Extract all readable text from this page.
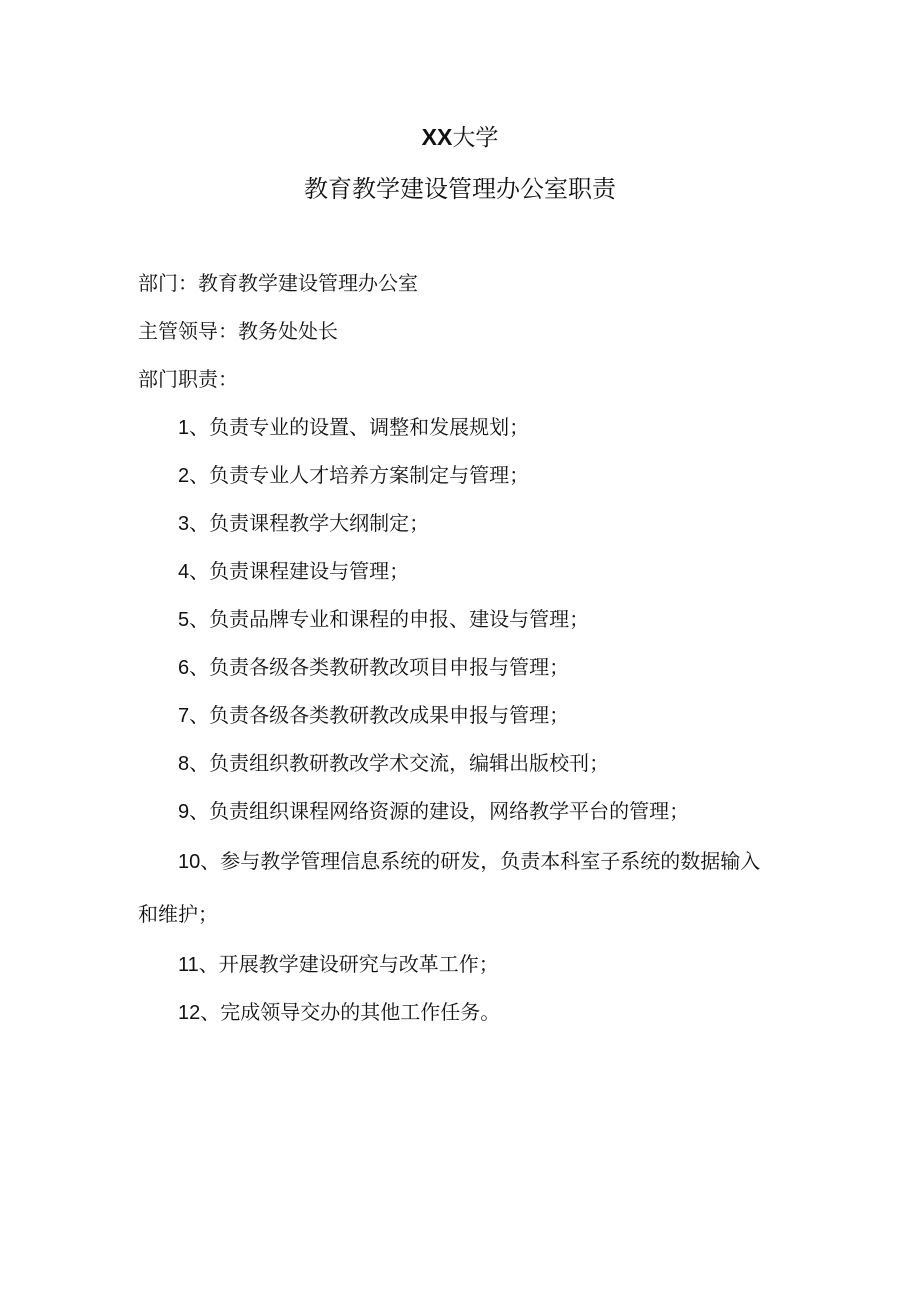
XX大学
教育教学建设管理办公室职责
部门：教育教学建设管理办公室
主管领导：教务处处长
部门职责：
1、负责专业的设置、调整和发展规划；
2、负责专业人才培养方案制定与管理；
3、负责课程教学大纲制定；
4、负责课程建设与管理；
5、负责品牌专业和课程的申报、建设与管理；
6、负责各级各类教研教改项目申报与管理；
7、负责各级各类教研教改成果申报与管理；
8、负责组织教研教改学术交流，编辑出版校刊；
9、负责组织课程网络资源的建设，网络教学平台的管理；
10、参与教学管理信息系统的研发，负责本科室子系统的数据输入和维护；
11、开展教学建设研究与改革工作；
12、完成领导交办的其他工作任务。
